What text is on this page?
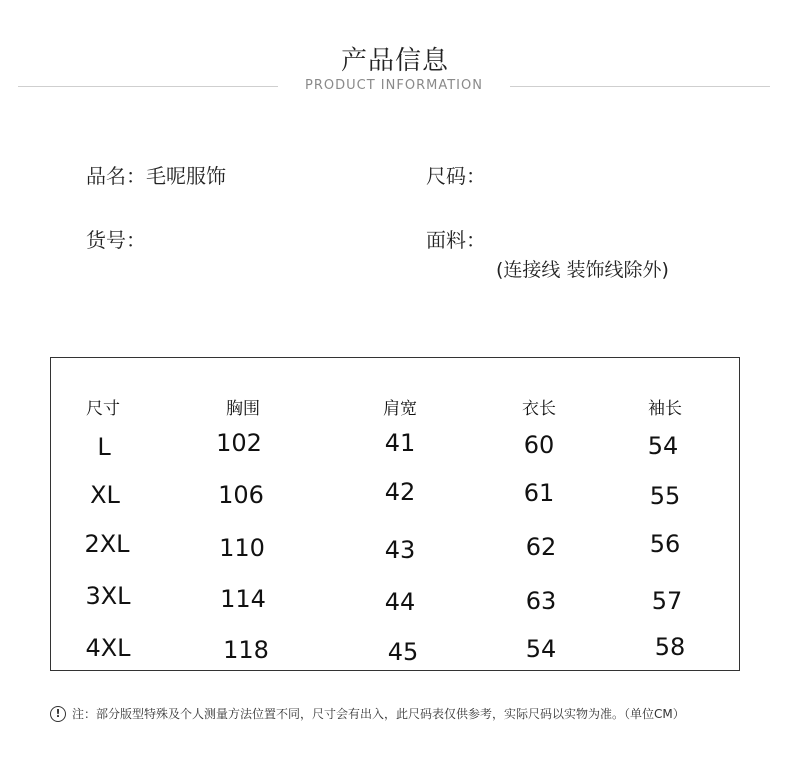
产品信息
PRODUCT INFORMATION
品名：毛呢服饰	尺码：
货号：	面料：
(连接线 装饰线除外)
尺寸	胸围	肩宽	衣长	袖长
L	102	41	60	54
XL	106	42	61	55
2XL	110	43	62	56
3XL	114	44	63	57
4XL	118	45	54	58
! 注：部分版型特殊及个人测量方法位置不同，尺寸会有出入，此尺码表仅供参考，实际尺码以实物为准。（单位CM）
